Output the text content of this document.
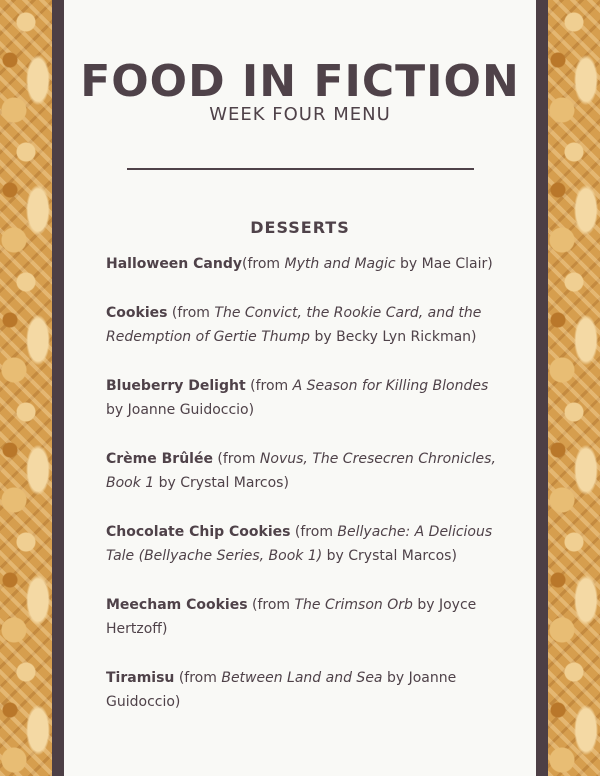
FOOD IN FICTION
WEEK FOUR MENU
DESSERTS

Halloween Candy(from Myth and Magic by Mae Clair)

Cookies (from The Convict, the Rookie Card, and the Redemption of Gertie Thump by Becky Lyn Rickman)

Blueberry Delight (from A Season for Killing Blondes by Joanne Guidoccio)

Crème Brûlée (from Novus, The Cresecren Chronicles, Book 1 by Crystal Marcos)

Chocolate Chip Cookies (from Bellyache: A Delicious Tale (Bellyache Series, Book 1) by Crystal Marcos)

Meecham Cookies (from The Crimson Orb by Joyce Hertzoff)

Tiramisu (from Between Land and Sea by Joanne Guidoccio)
